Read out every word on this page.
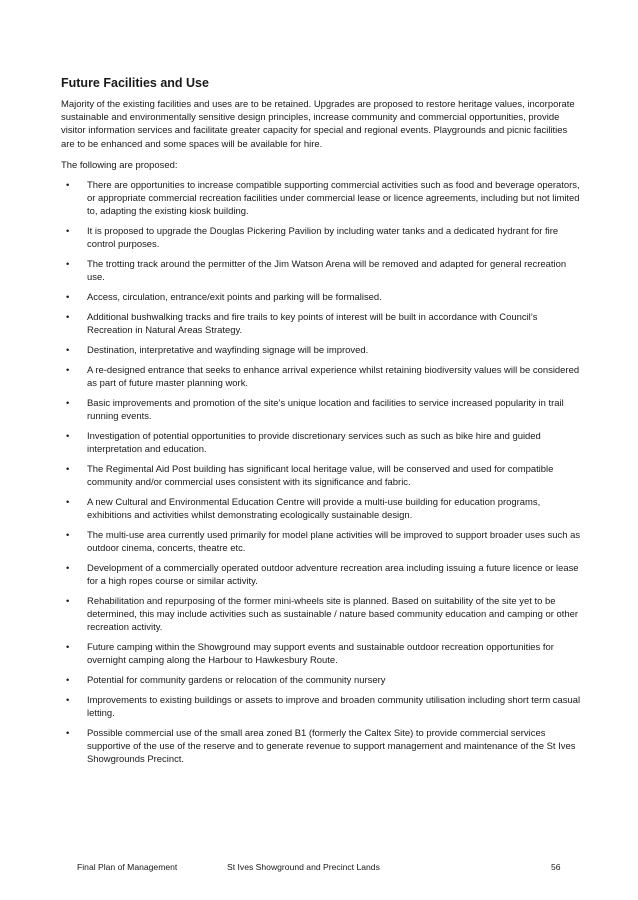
Future Facilities and Use

Majority of the existing facilities and uses are to be retained. Upgrades are proposed to restore heritage values, incorporate sustainable and environmentally sensitive design principles, increase community and commercial opportunities, provide visitor information services and facilitate greater capacity for special and regional events. Playgrounds and picnic facilities are to be enhanced and some spaces will be available for hire.

The following are proposed:

• There are opportunities to increase compatible supporting commercial activities such as food and beverage operators, or appropriate commercial recreation facilities under commercial lease or licence agreements, including but not limited to, adapting the existing kiosk building.
• It is proposed to upgrade the Douglas Pickering Pavilion by including water tanks and a dedicated hydrant for fire control purposes.
• The trotting track around the permitter of the Jim Watson Arena will be removed and adapted for general recreation use.
• Access, circulation, entrance/exit points and parking will be formalised.
• Additional bushwalking tracks and fire trails to key points of interest will be built in accordance with Council’s Recreation in Natural Areas Strategy.
• Destination, interpretative and wayfinding signage will be improved.
• A re-designed entrance that seeks to enhance arrival experience whilst retaining biodiversity values will be considered as part of future master planning work.
• Basic improvements and promotion of the site’s unique location and facilities to service increased popularity in trail running events.
• Investigation of potential opportunities to provide discretionary services such as such as bike hire and guided interpretation and education.
• The Regimental Aid Post building has significant local heritage value, will be conserved and used for compatible community and/or commercial uses consistent with its significance and fabric.
• A new Cultural and Environmental Education Centre will provide a multi-use building for education programs, exhibitions and activities whilst demonstrating ecologically sustainable design.
• The multi-use area currently used primarily for model plane activities will be improved to support broader uses such as outdoor cinema, concerts, theatre etc.
• Development of a commercially operated outdoor adventure recreation area including issuing a future licence or lease for a high ropes course or similar activity.
• Rehabilitation and repurposing of the former mini-wheels site is planned. Based on suitability of the site yet to be determined, this may include activities such as sustainable / nature based community education and camping or other recreation activity.
• Future camping within the Showground may support events and sustainable outdoor recreation opportunities for overnight camping along the Harbour to Hawkesbury Route.
• Potential for community gardens or relocation of the community nursery
• Improvements to existing buildings or assets to improve and broaden community utilisation including short term casual letting.
• Possible commercial use of the small area zoned B1 (formerly the Caltex Site) to provide commercial services supportive of the use of the reserve and to generate revenue to support management and maintenance of the St Ives Showgrounds Precinct.
Final Plan of Management	St Ives Showground and Precinct Lands	56
